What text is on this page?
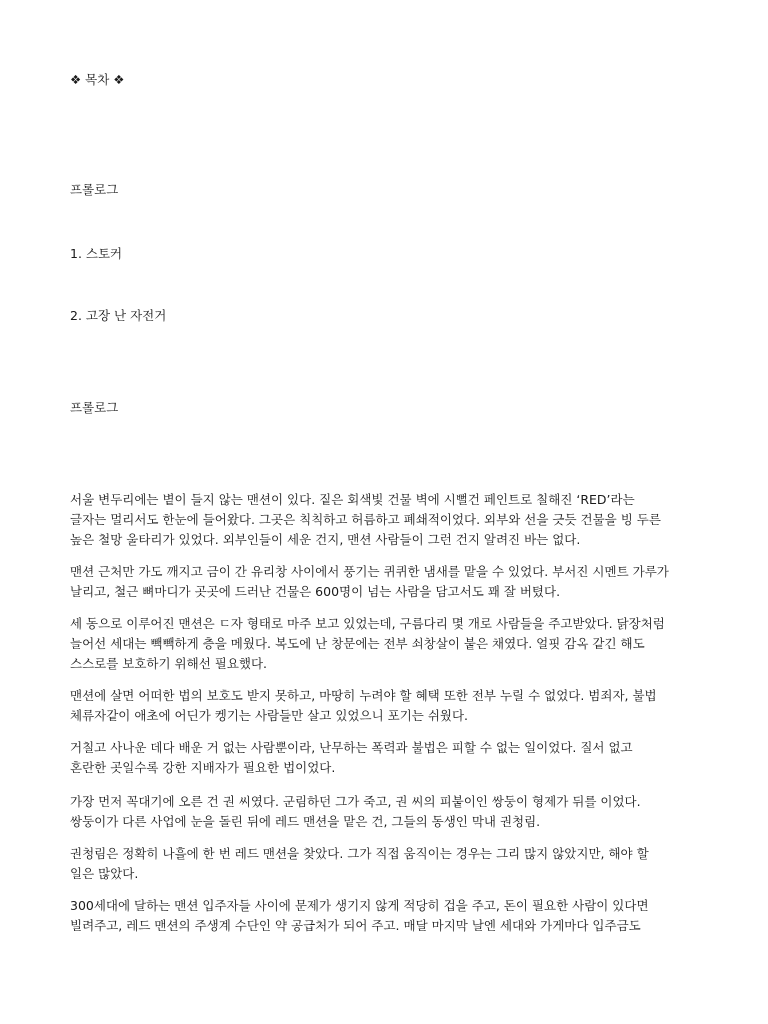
❖ 목차 ❖

프롤로그

1. 스토커

2. 고장 난 자전거

프롤로그

서울 변두리에는 볕이 들지 않는 맨션이 있다. 짙은 회색빛 건물 벽에 시뻘건 페인트로 칠해진 ‘RED’라는
글자는 멀리서도 한눈에 들어왔다. 그곳은 칙칙하고 허름하고 폐쇄적이었다. 외부와 선을 긋듯 건물을 빙 두른
높은 철망 울타리가 있었다. 외부인들이 세운 건지, 맨션 사람들이 그런 건지 알려진 바는 없다.
맨션 근처만 가도 깨지고 금이 간 유리창 사이에서 풍기는 퀴퀴한 냄새를 맡을 수 있었다. 부서진 시멘트 가루가
날리고, 철근 뼈마디가 곳곳에 드러난 건물은 600명이 넘는 사람을 담고서도 꽤 잘 버텼다.
세 동으로 이루어진 맨션은 ㄷ자 형태로 마주 보고 있었는데, 구름다리 몇 개로 사람들을 주고받았다. 닭장처럼
늘어선 세대는 빽빽하게 층을 메웠다. 복도에 난 창문에는 전부 쇠창살이 붙은 채였다. 얼핏 감옥 같긴 해도
스스로를 보호하기 위해선 필요했다.
맨션에 살면 어떠한 법의 보호도 받지 못하고, 마땅히 누려야 할 혜택 또한 전부 누릴 수 없었다. 범죄자, 불법
체류자같이 애초에 어딘가 켕기는 사람들만 살고 있었으니 포기는 쉬웠다.
거칠고 사나운 데다 배운 거 없는 사람뿐이라, 난무하는 폭력과 불법은 피할 수 없는 일이었다. 질서 없고
혼란한 곳일수록 강한 지배자가 필요한 법이었다.
가장 먼저 꼭대기에 오른 건 권 씨였다. 군림하던 그가 죽고, 권 씨의 피붙이인 쌍둥이 형제가 뒤를 이었다.
쌍둥이가 다른 사업에 눈을 돌린 뒤에 레드 맨션을 맡은 건, 그들의 동생인 막내 권청림.
권청림은 정확히 나흘에 한 번 레드 맨션을 찾았다. 그가 직접 움직이는 경우는 그리 많지 않았지만, 해야 할
일은 많았다.
300세대에 달하는 맨션 입주자들 사이에 문제가 생기지 않게 적당히 겁을 주고, 돈이 필요한 사람이 있다면
빌려주고, 레드 맨션의 주생계 수단인 약 공급처가 되어 주고. 매달 마지막 날엔 세대와 가게마다 입주금도
